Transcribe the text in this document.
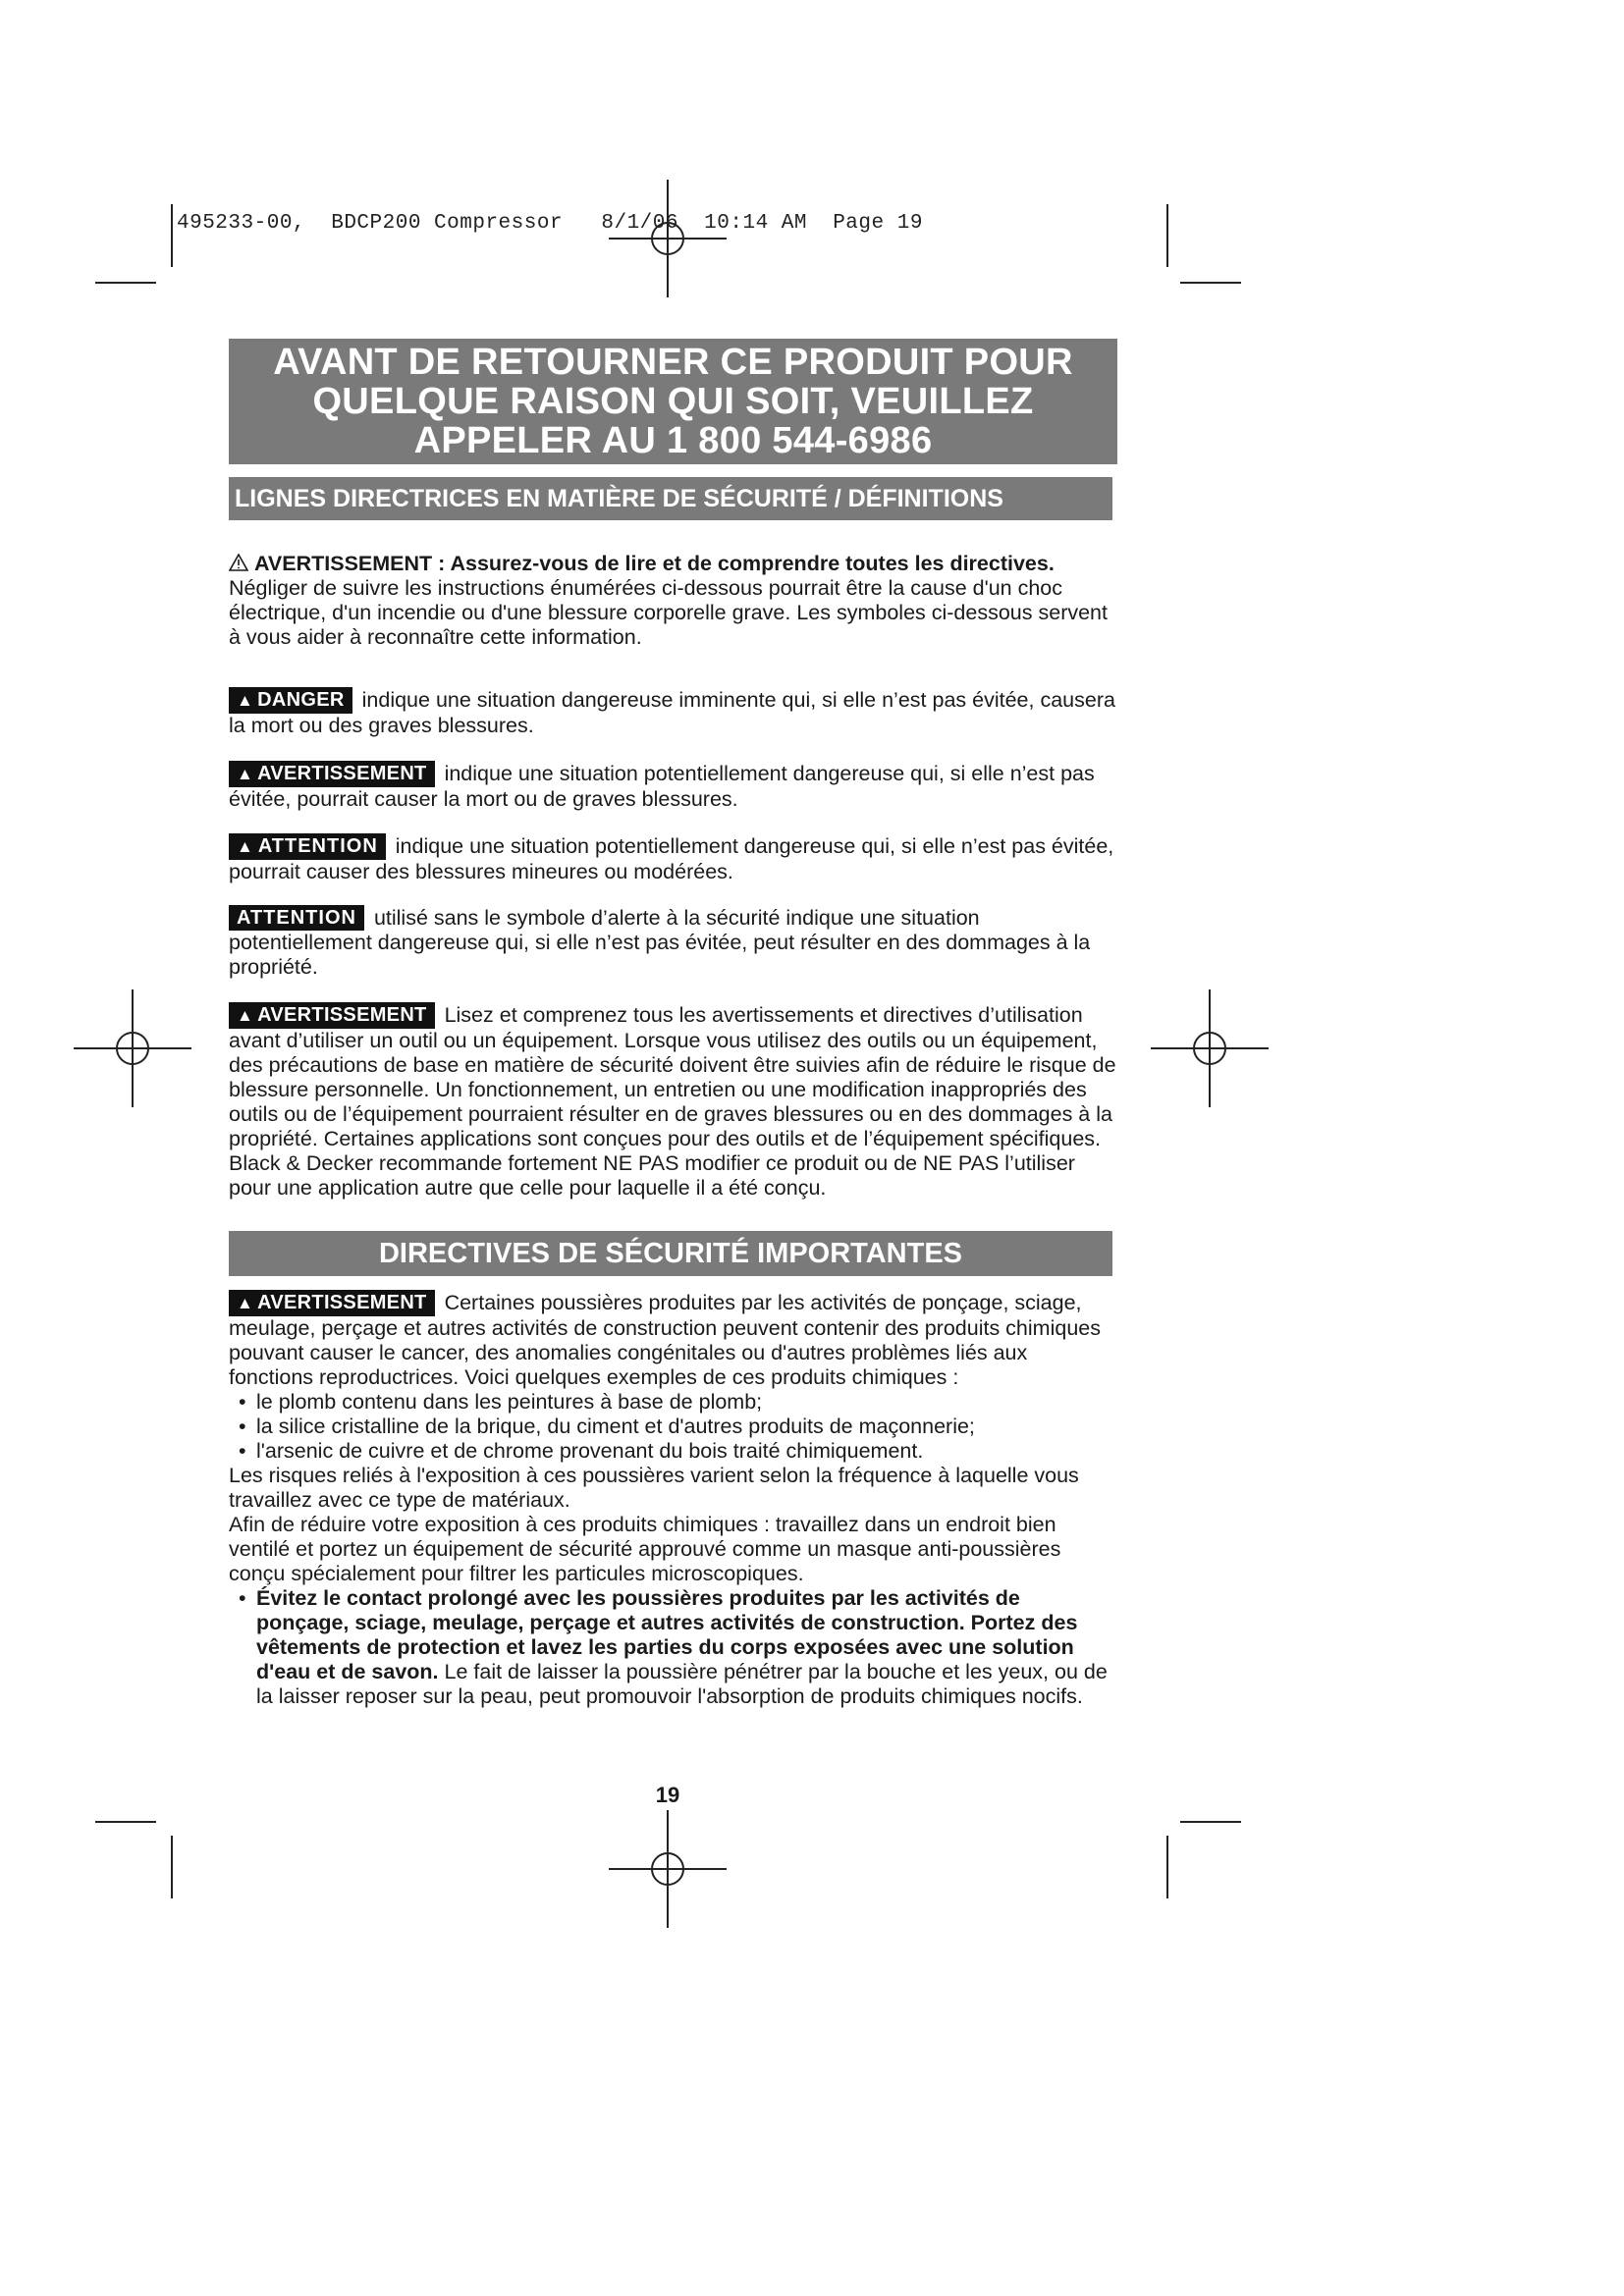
495233-00,  BDCP200 Compressor   8/1/06  10:14 AM  Page 19
AVANT DE RETOURNER CE PRODUIT POUR
QUELQUE RAISON QUI SOIT, VEUILLEZ
APPELER AU 1 800 544-6986
LIGNES DIRECTRICES EN MATIÈRE DE SÉCURITÉ / DÉFINITIONS
AVERTISSEMENT : Assurez-vous de lire et de comprendre toutes les directives. Négliger de suivre les instructions énumérées ci-dessous pourrait être la cause d'un choc électrique, d'un incendie ou d'une blessure corporelle grave. Les symboles ci-dessous servent à vous aider à reconnaître cette information.
▲ DANGER indique une situation dangereuse imminente qui, si elle n’est pas évitée, causera la mort ou des graves blessures.
▲ AVERTISSEMENT indique une situation potentiellement dangereuse qui, si elle n’est pas évitée, pourrait causer la mort ou de graves blessures.
▲ ATTENTION indique une situation potentiellement dangereuse qui, si elle n’est pas évitée, pourrait causer des blessures mineures ou modérées.
ATTENTION utilisé sans le symbole d’alerte à la sécurité indique une situation potentiellement dangereuse qui, si elle n’est pas évitée, peut résulter en des dommages à la propriété.
▲ AVERTISSEMENT Lisez et comprenez tous les avertissements et directives d’utilisation avant d’utiliser un outil ou un équipement. Lorsque vous utilisez des outils ou un équipement, des précautions de base en matière de sécurité doivent être suivies afin de réduire le risque de blessure personnelle. Un fonctionnement, un entretien ou une modification inappropriés des outils ou de l’équipement pourraient résulter en de graves blessures ou en des dommages à la propriété. Certaines applications sont conçues pour des outils et de l’équipement spécifiques. Black & Decker recommande fortement NE PAS modifier ce produit ou de NE PAS l’utiliser pour une application autre que celle pour laquelle il a été conçu.
DIRECTIVES DE SÉCURITÉ IMPORTANTES
▲ AVERTISSEMENT Certaines poussières produites par les activités de ponçage, sciage, meulage, perçage et autres activités de construction peuvent contenir des produits chimiques pouvant causer le cancer, des anomalies congénitales ou d'autres problèmes liés aux fonctions reproductrices. Voici quelques exemples de ces produits chimiques :
• le plomb contenu dans les peintures à base de plomb;
• la silice cristalline de la brique, du ciment et d'autres produits de maçonnerie;
• l'arsenic de cuivre et de chrome provenant du bois traité chimiquement.
Les risques reliés à l'exposition à ces poussières varient selon la fréquence à laquelle vous travaillez avec ce type de matériaux.
Afin de réduire votre exposition à ces produits chimiques : travaillez dans un endroit bien ventilé et portez un équipement de sécurité approuvé comme un masque anti-poussières conçu spécialement pour filtrer les particules microscopiques.
• Évitez le contact prolongé avec les poussières produites par les activités de ponçage, sciage, meulage, perçage et autres activités de construction. Portez des vêtements de protection et lavez les parties du corps exposées avec une solution d'eau et de savon. Le fait de laisser la poussière pénétrer par la bouche et les yeux, ou de la laisser reposer sur la peau, peut promouvoir l'absorption de produits chimiques nocifs.
19
